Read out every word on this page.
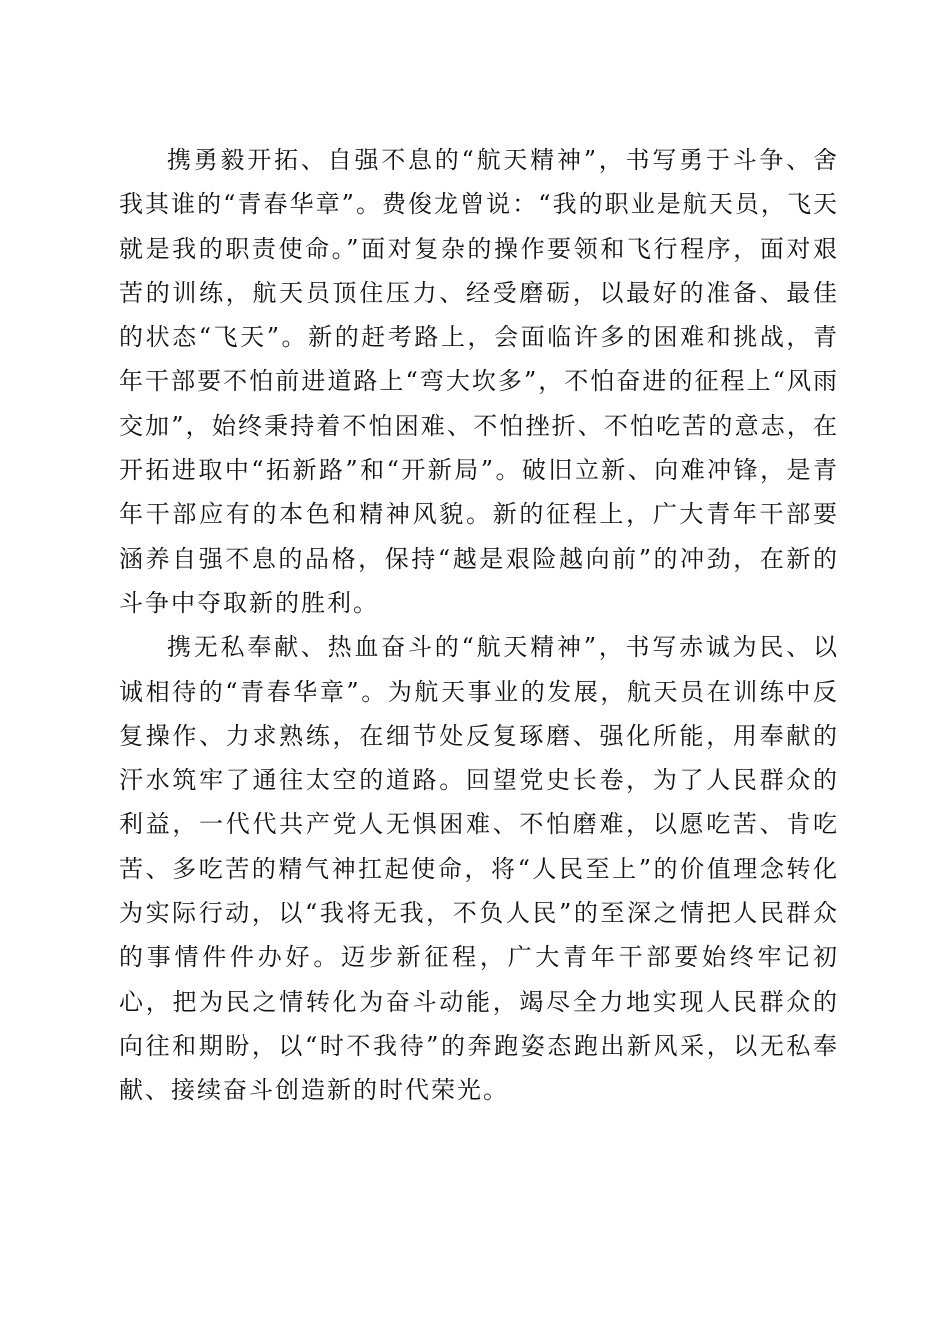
携勇毅开拓、自强不息的“航天精神”，书写勇于斗争、舍我其谁的“青春华章”。费俊龙曾说：“我的职业是航天员，飞天就是我的职责使命。”面对复杂的操作要领和飞行程序，面对艰苦的训练，航天员顶住压力、经受磨砺，以最好的准备、最佳的状态“飞天”。新的赶考路上，会面临许多的困难和挑战，青年干部要不怕前进道路上“弯大坎多”，不怕奋进的征程上“风雨交加”，始终秉持着不怕困难、不怕挫折、不怕吃苦的意志，在开拓进取中“拓新路”和“开新局”。破旧立新、向难冲锋，是青年干部应有的本色和精神风貌。新的征程上，广大青年干部要涵养自强不息的品格，保持“越是艰险越向前”的冲劲，在新的斗争中夺取新的胜利。

携无私奉献、热血奋斗的“航天精神”，书写赤诚为民、以诚相待的“青春华章”。为航天事业的发展，航天员在训练中反复操作、力求熟练，在细节处反复琢磨、强化所能，用奉献的汗水筑牢了通往太空的道路。回望党史长卷，为了人民群众的利益，一代代共产党人无惧困难、不怕磨难，以愿吃苦、肯吃苦、多吃苦的精气神扛起使命，将“人民至上”的价值理念转化为实际行动，以“我将无我，不负人民”的至深之情把人民群众的事情件件办好。迈步新征程，广大青年干部要始终牢记初心，把为民之情转化为奋斗动能，竭尽全力地实现人民群众的向往和期盼，以“时不我待”的奔跑姿态跑出新风采，以无私奉献、接续奋斗创造新的时代荣光。
